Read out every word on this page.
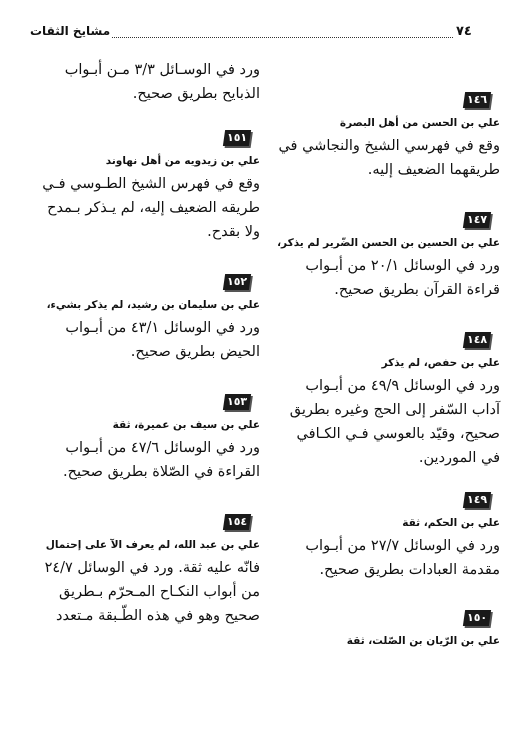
٧٤
مشايخ الثقات
١٤٦
علي بن الحسن من أهل البصرة

وقع في فهرسي الشيخ والنجاشي في

طريقهما الضعيف إليه.

١٤٧
علي بن الحسين بن الحسن الضّرير لم يذكر،

ورد في الوسائل ٢٠/١ من أبـواب

قراءة القرآن بطريق صحيح.

١٤٨
علي بن حفص، لم يذكر

ورد في الوسائل ٤٩/٩ من أبـواب

آداب السّفر إلى الحج وغيره بطريق

صحيح، وقيّد بالعوسي فـي الكـافي

في الموردين.

١٤٩
علي بن الحكم، ثقة

ورد في الوسائل ٢٧/٧ من أبـواب

مقدمة العبادات بطريق صحيح.

١٥٠
علي بن الرّيان بن الصّلت، ثقة

ورد في الوسـائل ٣/٣ مـن أبـواب

الذبايح بطريق صحيح.

١٥١
علي بن زيدويه من أهل نهاوند

وقع في فهرس الشيخ الطـوسي فـي

طريقه الضعيف إليه، لم يـذكر بـمدح

ولا بقدح.

١٥٢
علي بن سليمان بن رشيد، لم يذكر بشيء،

ورد في الوسائل ٤٣/١ من أبـواب

الحيض بطريق صحيح.

١٥٣
علي بن سيف بن عميرة، ثقة

ورد في الوسائل ٤٧/٦ من أبـواب

القراءة في الصّلاة بطريق صحيح.

١٥٤
علي بن عبد الله، لم يعرف الآ على إحتمال

فانّه عليه ثقة. ورد في الوسائل ٢٤/٧

من أبواب النكـاح المـحرّم بـطريق

صحيح وهو في هذه الطّـبقة مـتعدد
